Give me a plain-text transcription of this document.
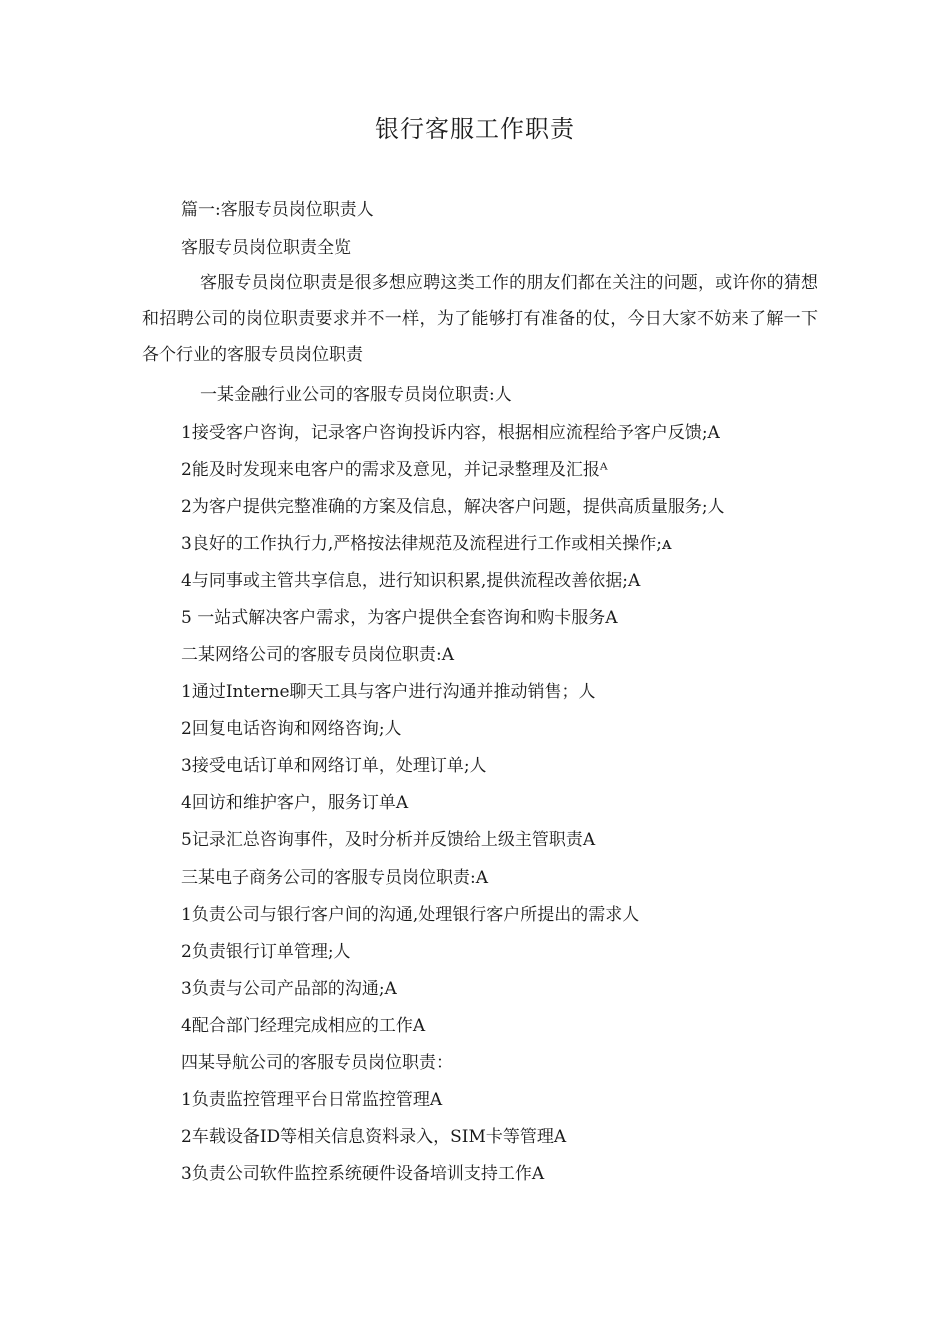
银行客服工作职责
篇一:客服专员岗位职责人
客服专员岗位职责全览
客服专员岗位职责是很多想应聘这类工作的朋友们都在关注的问题，或许你的猜想和招聘公司的岗位职责要求并不一样，为了能够打有准备的仗，今日大家不妨来了解一下各个行业的客服专员岗位职责
一某金融行业公司的客服专员岗位职责:人
1接受客户咨询，记录客户咨询投诉内容，根据相应流程给予客户反馈;A
2能及时发现来电客户的需求及意见，并记录整理及汇报ᴬ
2为客户提供完整准确的方案及信息，解决客户问题，提供高质量服务;人
3良好的工作执行力,严格按法律规范及流程进行工作或相关操作;ᴀ
4与同事或主管共享信息，进行知识积累,提供流程改善依据;A
5 一站式解决客户需求，为客户提供全套咨询和购卡服务A
二某网络公司的客服专员岗位职责:A
1通过Interne聊天工具与客户进行沟通并推动销售；人
2回复电话咨询和网络咨询;人
3接受电话订单和网络订单，处理订单;人
4回访和维护客户，服务订单A
5记录汇总咨询事件，及时分析并反馈给上级主管职责A
三某电子商务公司的客服专员岗位职责:A
1负责公司与银行客户间的沟通,处理银行客户所提出的需求人
2负责银行订单管理;人
3负责与公司产品部的沟通;A
4配合部门经理完成相应的工作A
四某导航公司的客服专员岗位职责：
1负责监控管理平台日常监控管理A
2车载设备ID等相关信息资料录入，SIM卡等管理A
3负责公司软件监控系统硬件设备培训支持工作A
